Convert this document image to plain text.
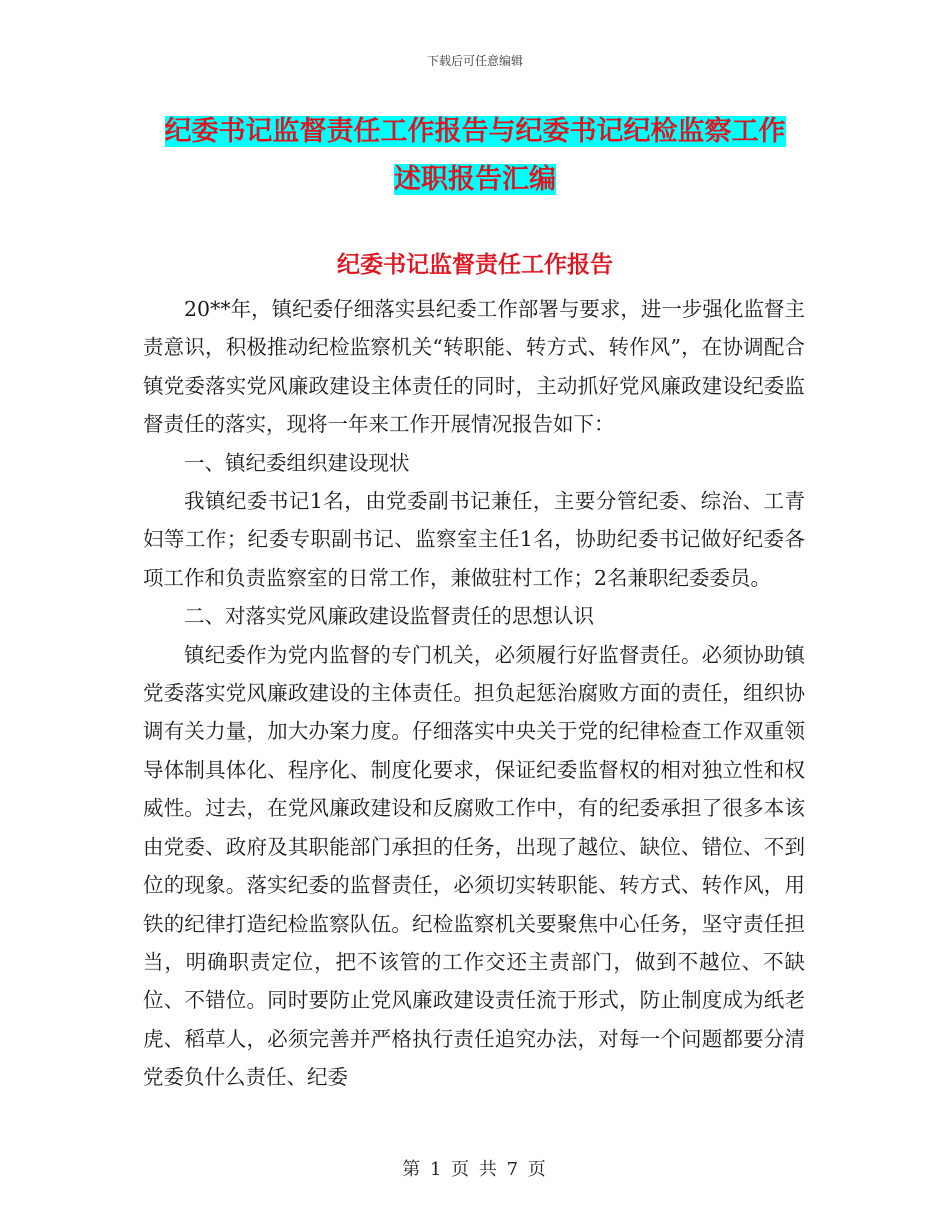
下载后可任意编辑
纪委书记监督责任工作报告与纪委书记纪检监察工作
述职报告汇编
纪委书记监督责任工作报告

20**年，镇纪委仔细落实县纪委工作部署与要求，进一步强化监督主责意识，积极推动纪检监察机关“转职能、转方式、转作风”，在协调配合镇党委落实党风廉政建设主体责任的同时，主动抓好党风廉政建设纪委监督责任的落实，现将一年来工作开展情况报告如下：

一、镇纪委组织建设现状

我镇纪委书记1名，由党委副书记兼任，主要分管纪委、综治、工青妇等工作；纪委专职副书记、监察室主任1名，协助纪委书记做好纪委各项工作和负责监察室的日常工作，兼做驻村工作；2名兼职纪委委员。

二、对落实党风廉政建设监督责任的思想认识

镇纪委作为党内监督的专门机关，必须履行好监督责任。必须协助镇党委落实党风廉政建设的主体责任。担负起惩治腐败方面的责任，组织协调有关力量，加大办案力度。仔细落实中央关于党的纪律检查工作双重领导体制具体化、程序化、制度化要求，保证纪委监督权的相对独立性和权威性。过去，在党风廉政建设和反腐败工作中，有的纪委承担了很多本该由党委、政府及其职能部门承担的任务，出现了越位、缺位、错位、不到位的现象。落实纪委的监督责任，必须切实转职能、转方式、转作风，用铁的纪律打造纪检监察队伍。纪检监察机关要聚焦中心任务，坚守责任担当，明确职责定位，把不该管的工作交还主责部门，做到不越位、不缺位、不错位。同时要防止党风廉政建设责任流于形式，防止制度成为纸老虎、稻草人，必须完善并严格执行责任追究办法，对每一个问题都要分清党委负什么责任、纪委

第 1 页 共 7 页
